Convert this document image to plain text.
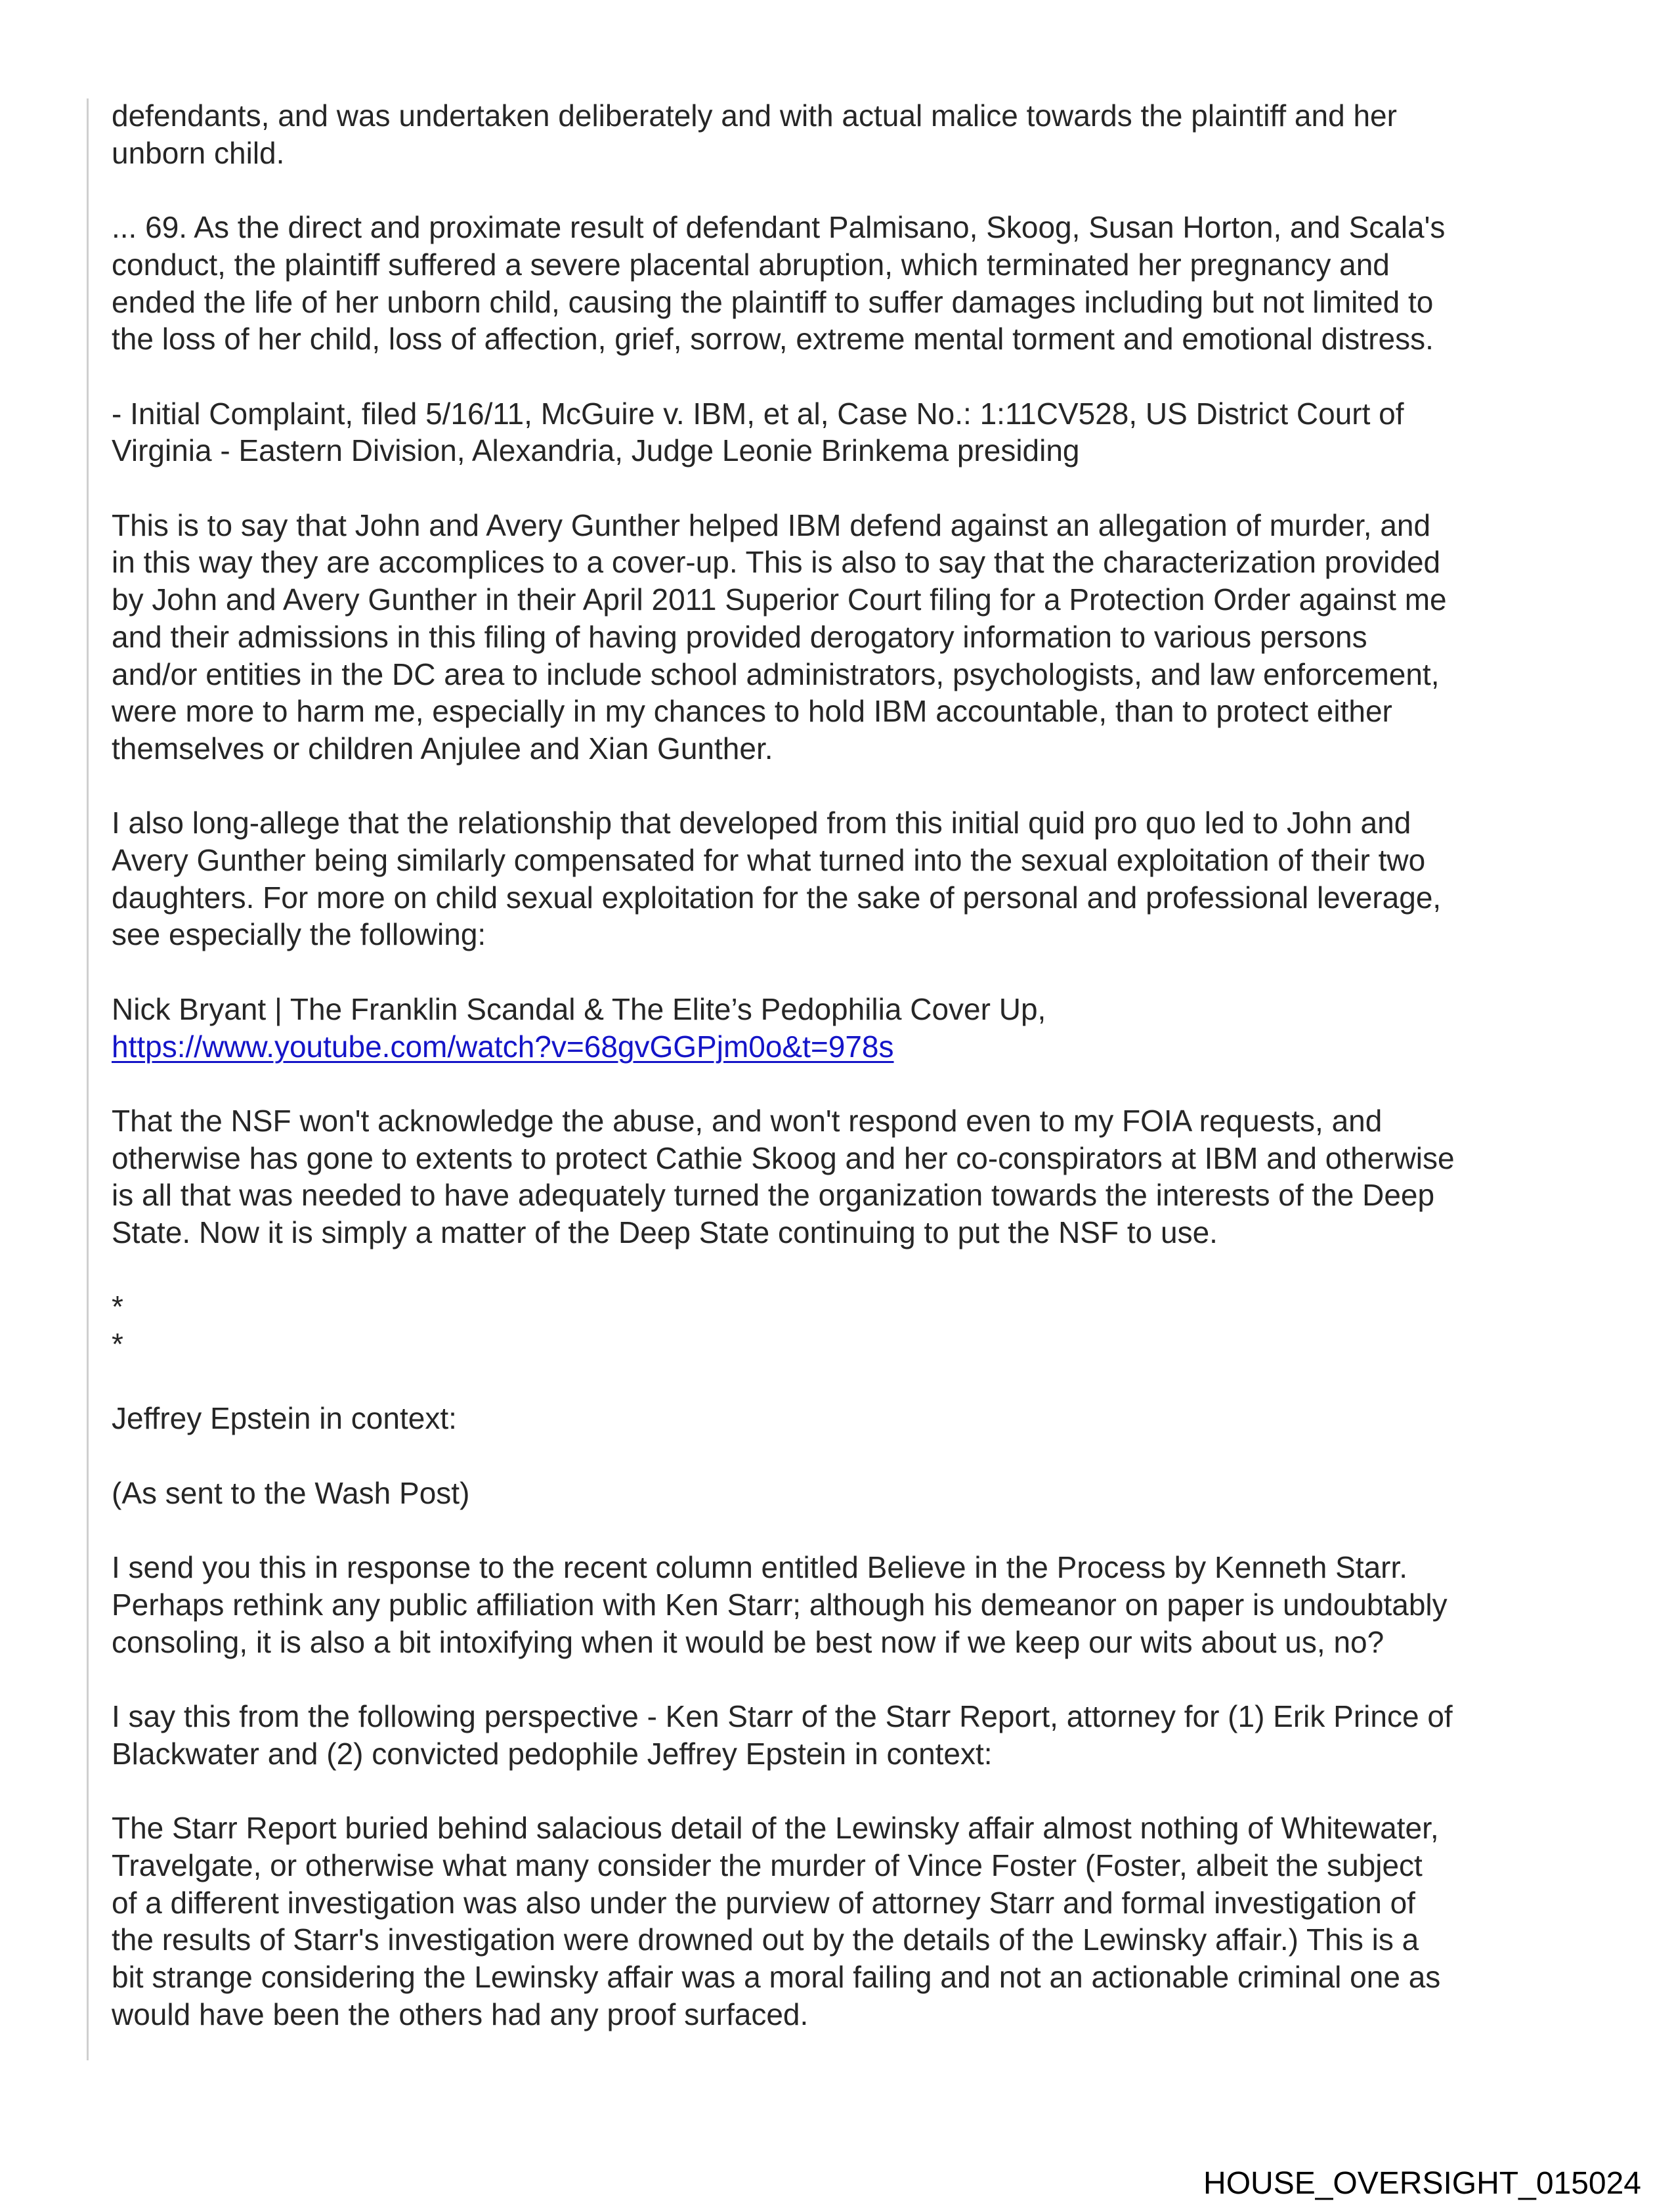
defendants, and was undertaken deliberately and with actual malice towards the plaintiff and her
unborn child.

... 69. As the direct and proximate result of defendant Palmisano, Skoog, Susan Horton, and Scala's
conduct, the plaintiff suffered a severe placental abruption, which terminated her pregnancy and
ended the life of her unborn child, causing the plaintiff to suffer damages including but not limited to
the loss of her child, loss of affection, grief, sorrow, extreme mental torment and emotional distress.

- Initial Complaint, filed 5/16/11, McGuire v. IBM, et al, Case No.: 1:11CV528, US District Court of
Virginia - Eastern Division, Alexandria, Judge Leonie Brinkema presiding

This is to say that John and Avery Gunther helped IBM defend against an allegation of murder, and
in this way they are accomplices to a cover-up. This is also to say that the characterization provided
by John and Avery Gunther in their April 2011 Superior Court filing for a Protection Order against me
and their admissions in this filing of having provided derogatory information to various persons
and/or entities in the DC area to include school administrators, psychologists, and law enforcement,
were more to harm me, especially in my chances to hold IBM accountable, than to protect either
themselves or children Anjulee and Xian Gunther.

I also long-allege that the relationship that developed from this initial quid pro quo led to John and
Avery Gunther being similarly compensated for what turned into the sexual exploitation of their two
daughters. For more on child sexual exploitation for the sake of personal and professional leverage,
see especially the following:

Nick Bryant | The Franklin Scandal & The Elite’s Pedophilia Cover Up,
https://www.youtube.com/watch?v=68gvGGPjm0o&t=978s

That the NSF won't acknowledge the abuse, and won't respond even to my FOIA requests, and
otherwise has gone to extents to protect Cathie Skoog and her co-conspirators at IBM and otherwise
is all that was needed to have adequately turned the organization towards the interests of the Deep
State. Now it is simply a matter of the Deep State continuing to put the NSF to use.

*
*

Jeffrey Epstein in context:

(As sent to the Wash Post)

I send you this in response to the recent column entitled Believe in the Process by Kenneth Starr.
Perhaps rethink any public affiliation with Ken Starr; although his demeanor on paper is undoubtably
consoling, it is also a bit intoxifying when it would be best now if we keep our wits about us, no?

I say this from the following perspective - Ken Starr of the Starr Report, attorney for (1) Erik Prince of
Blackwater and (2) convicted pedophile Jeffrey Epstein in context:

The Starr Report buried behind salacious detail of the Lewinsky affair almost nothing of Whitewater,
Travelgate, or otherwise what many consider the murder of Vince Foster (Foster, albeit the subject
of a different investigation was also under the purview of attorney Starr and formal investigation of
the results of Starr's investigation were drowned out by the details of the Lewinsky affair.) This is a
bit strange considering the Lewinsky affair was a moral failing and not an actionable criminal one as
would have been the others had any proof surfaced.

HOUSE_OVERSIGHT_015024
